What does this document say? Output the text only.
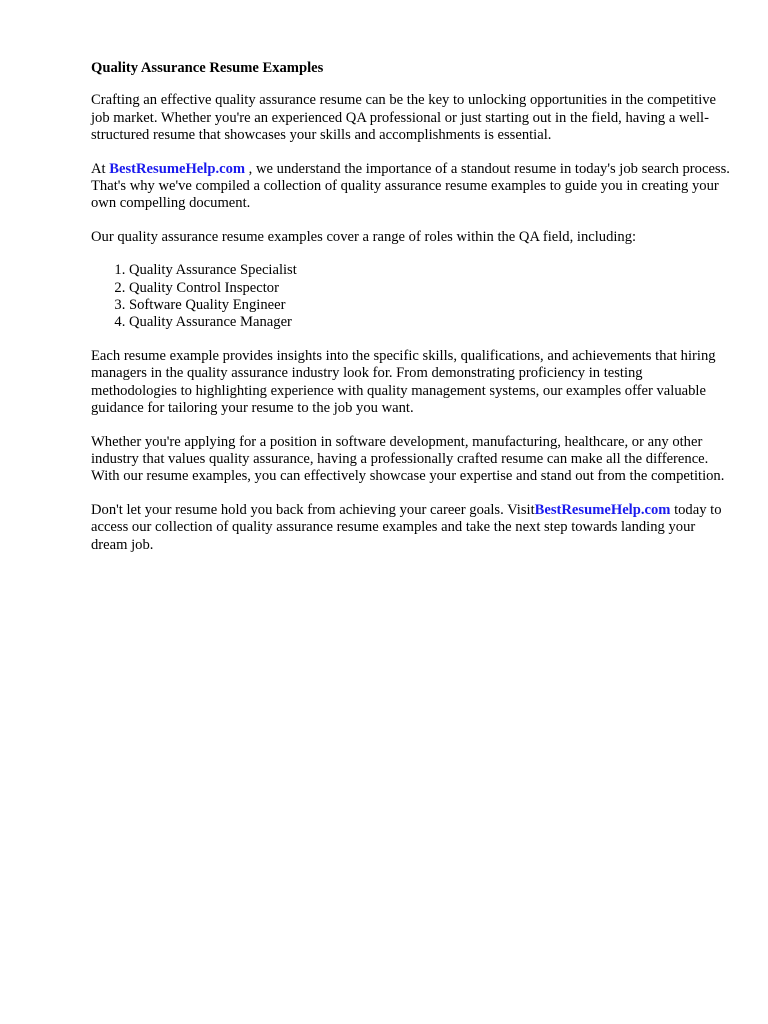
Quality Assurance Resume Examples

Crafting an effective quality assurance resume can be the key to unlocking opportunities in the competitive job market. Whether you're an experienced QA professional or just starting out in the field, having a well-structured resume that showcases your skills and accomplishments is essential.

At BestResumeHelp.com , we understand the importance of a standout resume in today's job search process. That's why we've compiled a collection of quality assurance resume examples to guide you in creating your own compelling document.

Our quality assurance resume examples cover a range of roles within the QA field, including:

1. Quality Assurance Specialist
2. Quality Control Inspector
3. Software Quality Engineer
4. Quality Assurance Manager

Each resume example provides insights into the specific skills, qualifications, and achievements that hiring managers in the quality assurance industry look for. From demonstrating proficiency in testing methodologies to highlighting experience with quality management systems, our examples offer valuable guidance for tailoring your resume to the job you want.

Whether you're applying for a position in software development, manufacturing, healthcare, or any other industry that values quality assurance, having a professionally crafted resume can make all the difference. With our resume examples, you can effectively showcase your expertise and stand out from the competition.

Don't let your resume hold you back from achieving your career goals. VisitBestResumeHelp.com today to access our collection of quality assurance resume examples and take the next step towards landing your dream job.
